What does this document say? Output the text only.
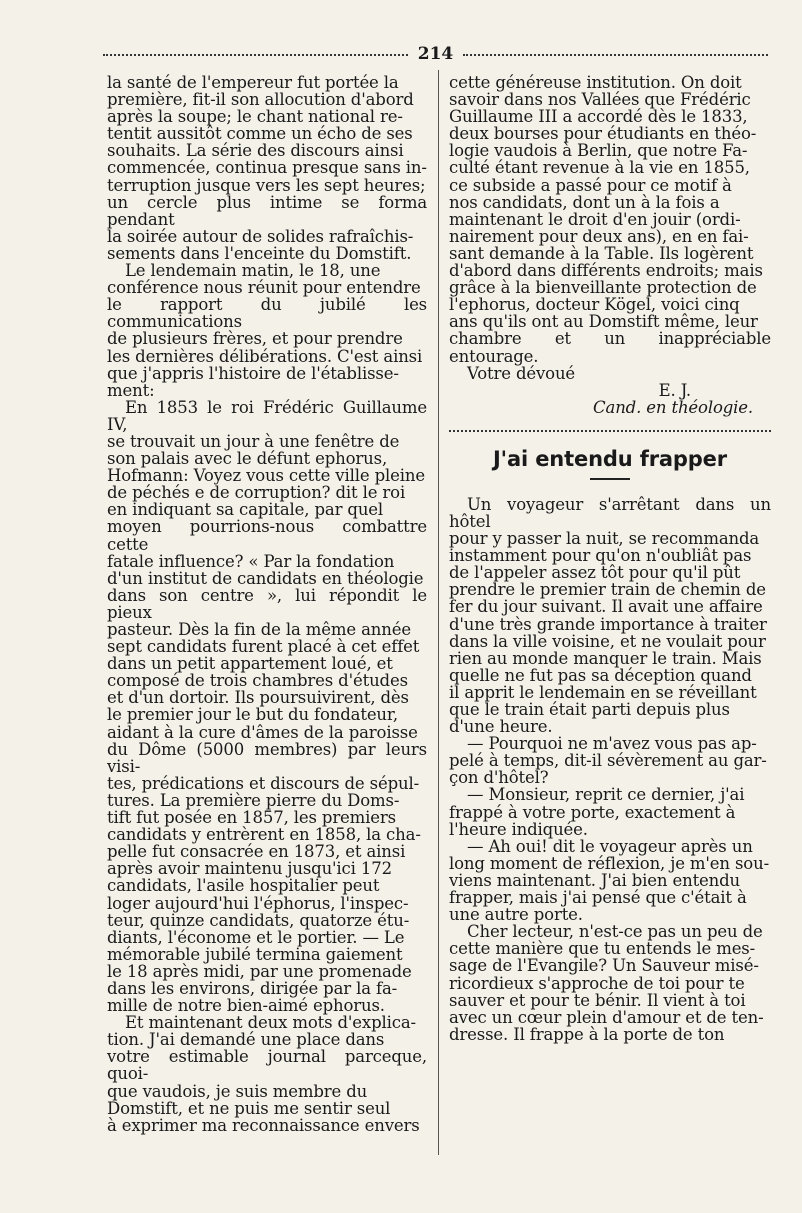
214
la santé de l'empereur fut portée la
première, fit-il son allocution d'abord
après la soupe; le chant national re-
tentit aussitôt comme un écho de ses
souhaits. La série des discours ainsi
commencée, continua presque sans in-
terruption jusque vers les sept heures;
un cercle plus intime se forma pendant
la soirée autour de solides rafraîchis-
sements dans l'enceinte du Domstift.
Le lendemain matin, le 18, une
conférence nous réunit pour entendre
le rapport du jubilé les communications
de plusieurs frères, et pour prendre
les dernières délibérations. C'est ainsi
que j'appris l'histoire de l'établisse-
ment:
En 1853 le roi Frédéric Guillaume IV,
se trouvait un jour à une fenêtre de
son palais avec le défunt ephorus,
Hofmann: Voyez vous cette ville pleine
de péchés e de corruption? dit le roi
en indiquant sa capitale, par quel
moyen pourrions-nous combattre cette
fatale influence? « Par la fondation
d'un institut de candidats en théologie
dans son centre », lui répondit le pieux
pasteur. Dès la fin de la même année
sept candidats furent placé à cet effet
dans un petit appartement loué, et
composé de trois chambres d'études
et d'un dortoir. Ils poursuivirent, dès
le premier jour le but du fondateur,
aidant à la cure d'âmes de la paroisse
du Dôme (5000 membres) par leurs visi-
tes, prédications et discours de sépul-
tures. La première pierre du Doms-
tift fut posée en 1857, les premiers
candidats y entrèrent en 1858, la cha-
pelle fut consacrée en 1873, et ainsi
après avoir maintenu jusqu'ici 172
candidats, l'asile hospitalier peut
loger aujourd'hui l'éphorus, l'inspec-
teur, quinze candidats, quatorze étu-
diants, l'économe et le portier. — Le
mémorable jubilé termina gaiement
le 18 après midi, par une promenade
dans les environs, dirigée par la fa-
mille de notre bien-aimé ephorus.
Et maintenant deux mots d'explica-
tion. J'ai demandé une place dans
votre estimable journal parceque, quoi-
que vaudois, je suis membre du
Domstift, et ne puis me sentir seul
à exprimer ma reconnaissance envers
cette généreuse institution. On doit
savoir dans nos Vallées que Frédéric
Guillaume III a accordé dès le 1833,
deux bourses pour étudiants en théo-
logie vaudois à Berlin, que notre Fa-
culté étant revenue à la vie en 1855,
ce subside a passé pour ce motif à
nos candidats, dont un à la fois a
maintenant le droit d'en jouir (ordi-
nairement pour deux ans), en en fai-
sant demande à la Table. Ils logèrent
d'abord dans différents endroits; mais
grâce à la bienveillante protection de
l'ephorus, docteur Kögel, voici cinq
ans qu'ils ont au Domstift même, leur
chambre et un inappréciable entourage.
Votre dévoué
E. J.
Cand. en théologie.
J'ai entendu frapper
Un voyageur s'arrêtant dans un hôtel
pour y passer la nuit, se recommanda
instamment pour qu'on n'oubliât pas
de l'appeler assez tôt pour qu'il pût
prendre le premier train de chemin de
fer du jour suivant. Il avait une affaire
d'une très grande importance à traiter
dans la ville voisine, et ne voulait pour
rien au monde manquer le train. Mais
quelle ne fut pas sa déception quand
il apprit le lendemain en se réveillant
que le train était parti depuis plus
d'une heure.
— Pourquoi ne m'avez vous pas ap-
pelé à temps, dit-il sévèrement au gar-
çon d'hôtel?
— Monsieur, reprit ce dernier, j'ai
frappé à votre porte, exactement à
l'heure indiquée.
— Ah oui! dit le voyageur après un
long moment de réflexion, je m'en sou-
viens maintenant. J'ai bien entendu
frapper, mais j'ai pensé que c'était à
une autre porte.
Cher lecteur, n'est-ce pas un peu de
cette manière que tu entends le mes-
sage de l'Evangile? Un Sauveur misé-
ricordieux s'approche de toi pour te
sauver et pour te bénir. Il vient à toi
avec un cœur plein d'amour et de ten-
dresse. Il frappe à la porte de ton
